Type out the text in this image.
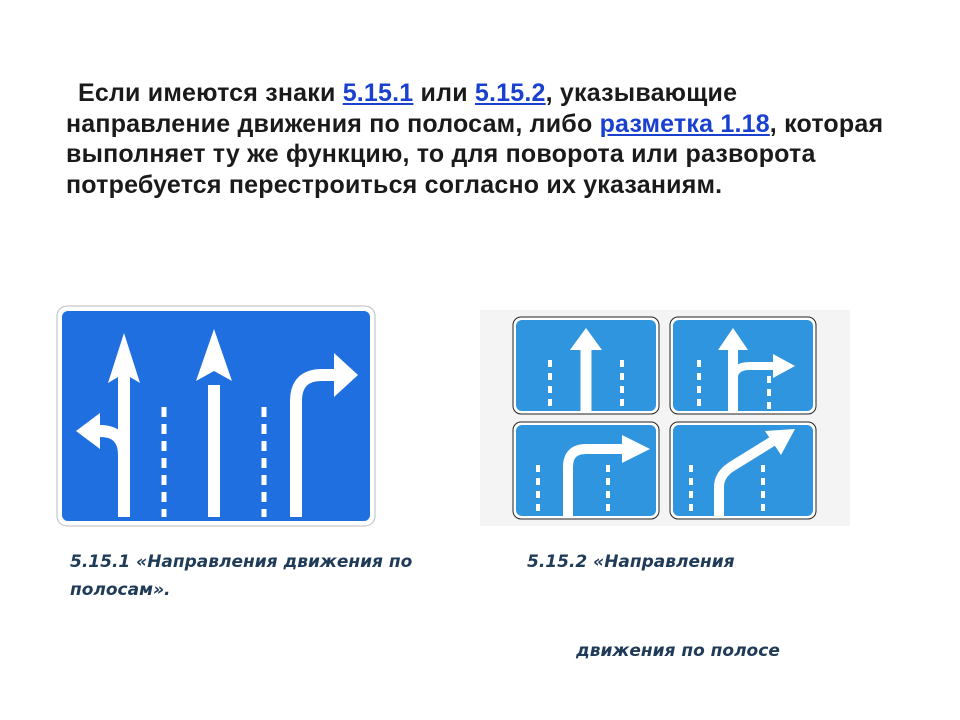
Если имеются знаки 5.15.1 или 5.15.2, указывающие направление движения по полосам, либо разметка 1.18, которая выполняет ту же функцию, то для поворота или разворота потребуется перестроиться согласно их указаниям.
5.15.1 «Направления движения по
полосам».
5.15.2 «Направления
движения по полосе
